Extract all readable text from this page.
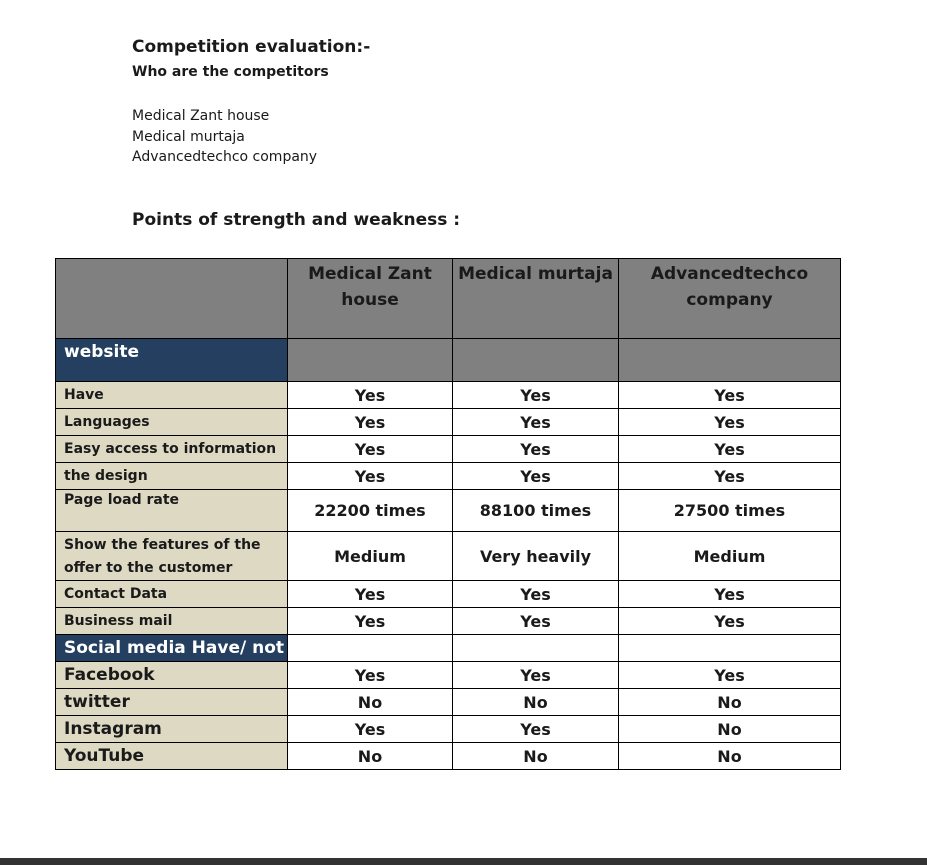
Competition evaluation:-
Who are the competitors
Medical Zant house
Medical murtaja
Advancedtechco company
Points of strength and weakness :
	Medical Zant house	Medical murtaja	Advancedtechco company
website			
Have	Yes	Yes	Yes
Languages	Yes	Yes	Yes
Easy access to information	Yes	Yes	Yes
the design	Yes	Yes	Yes
Page load rate	22200 times	88100 times	27500 times
Show the features of the offer to the customer	Medium	Very heavily	Medium
Contact Data	Yes	Yes	Yes
Business mail	Yes	Yes	Yes
Social media Have/ not			
Facebook	Yes	Yes	Yes
twitter	No	No	No
Instagram	Yes	Yes	No
YouTube	No	No	No
